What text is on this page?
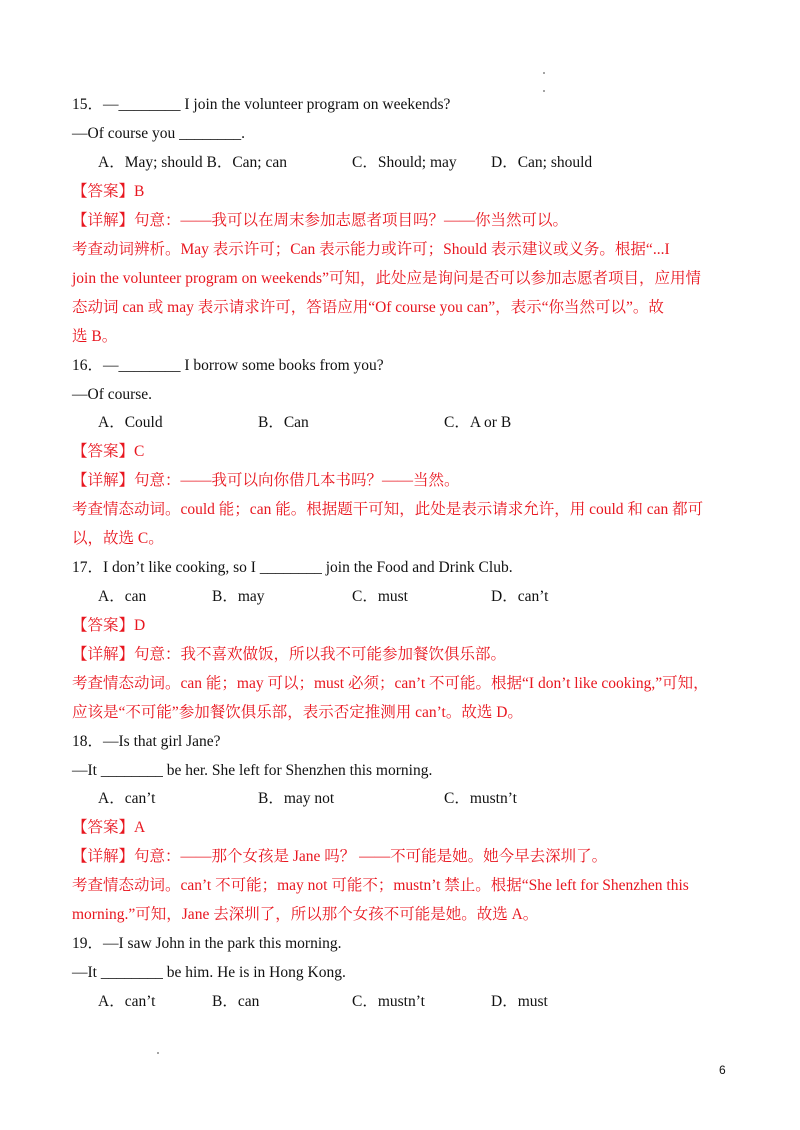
15．—________ I join the volunteer program on weekends?
—Of course you ________.
A．May; should B．Can; can	C．Should; may D．Can; should
【答案】B
【详解】句意：——我可以在周末参加志愿者项目吗？——你当然可以。
考查动词辨析。May 表示许可；Can 表示能力或许可；Should 表示建议或义务。根据“...I
join the volunteer program on weekends”可知，此处应是询问是否可以参加志愿者项目，应用情
态动词 can 或 may 表示请求许可，答语应用“Of course you can”，表示“你当然可以”。故
选 B。
16．—________ I borrow some books from you?
—Of course.
A．Could	B．Can	C．A or B
【答案】C
【详解】句意：——我可以向你借几本书吗？——当然。
考查情态动词。could 能；can 能。根据题干可知，此处是表示请求允许，用 could 和 can 都可
以，故选 C。
17．I don’t like cooking, so I ________ join the Food and Drink Club.
A．can	B．may	C．must	D．can’t
【答案】D
【详解】句意：我不喜欢做饭，所以我不可能参加餐饮俱乐部。
考查情态动词。can 能；may 可以；must 必须；can’t 不可能。根据“I don’t like cooking,”可知，
应该是“不可能”参加餐饮俱乐部，表示否定推测用 can’t。故选 D。
18．—Is that girl Jane?
—It ________ be her. She left for Shenzhen this morning.
A．can’t	B．may not	C．mustn’t
【答案】A
【详解】句意：——那个女孩是 Jane 吗？ ——不可能是她。她今早去深圳了。
考查情态动词。can’t 不可能；may not 可能不；mustn’t 禁止。根据“She left for Shenzhen this
morning.”可知，Jane 去深圳了，所以那个女孩不可能是她。故选 A。
19．—I saw John in the park this morning.
—It ________ be him. He is in Hong Kong.
A．can’t	B．can	C．mustn’t	D．must
6
